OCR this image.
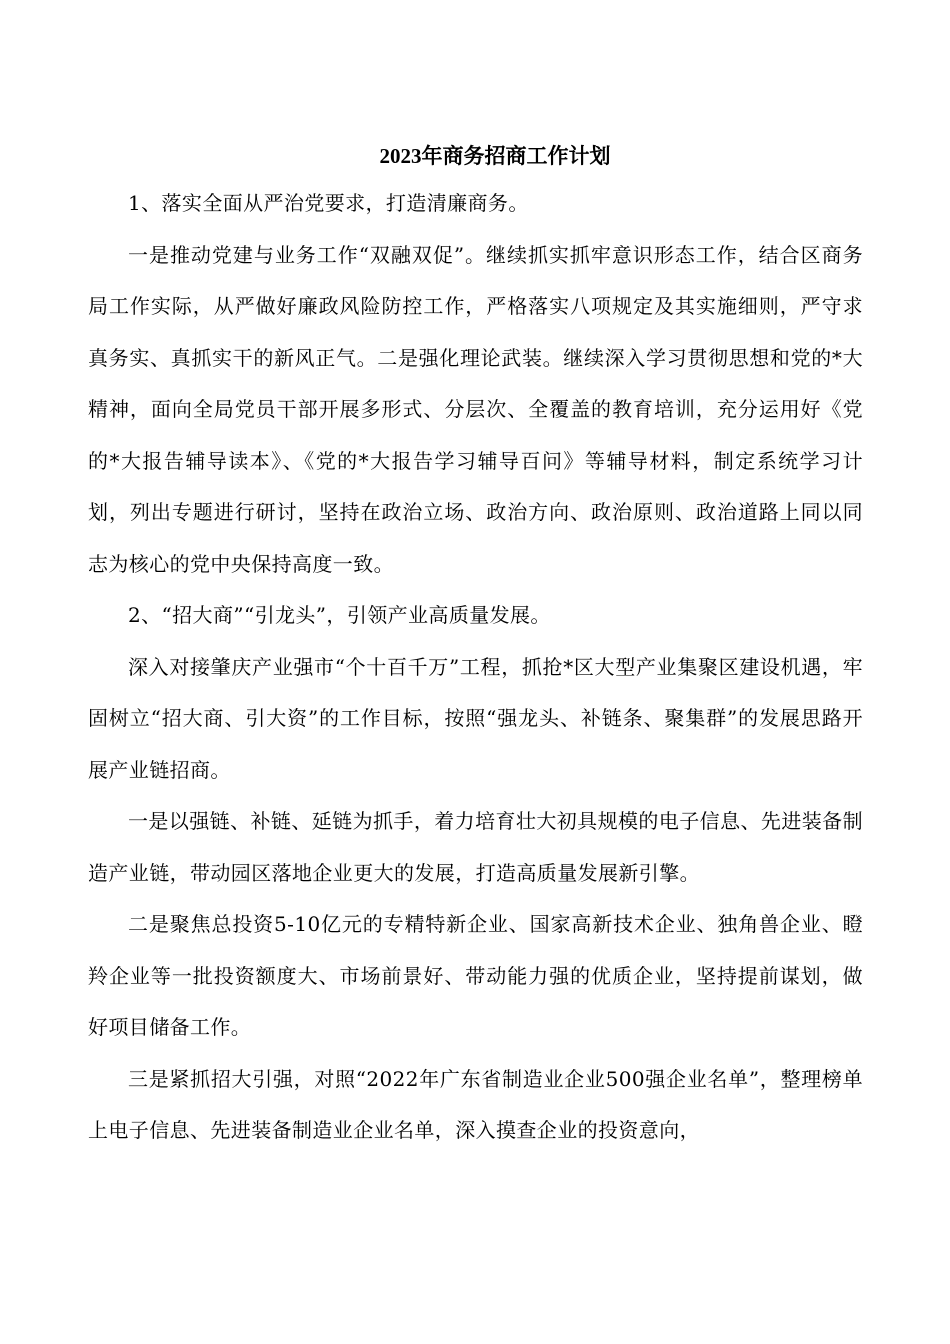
2023年商务招商工作计划

1、落实全面从严治党要求，打造清廉商务。

一是推动党建与业务工作“双融双促”。继续抓实抓牢意识形态工作，结合区商务局工作实际，从严做好廉政风险防控工作，严格落实八项规定及其实施细则，严守求真务实、真抓实干的新风正气。二是强化理论武装。继续深入学习贯彻思想和党的*大精神，面向全局党员干部开展多形式、分层次、全覆盖的教育培训，充分运用好《党的*大报告辅导读本》、《党的*大报告学习辅导百问》等辅导材料，制定系统学习计划，列出专题进行研讨，坚持在政治立场、政治方向、政治原则、政治道路上同以同志为核心的党中央保持高度一致。

2、“招大商”“引龙头”，引领产业高质量发展。

深入对接肇庆产业强市“个十百千万”工程，抓抢*区大型产业集聚区建设机遇，牢固树立“招大商、引大资”的工作目标，按照“强龙头、补链条、聚集群”的发展思路开展产业链招商。

一是以强链、补链、延链为抓手，着力培育壮大初具规模的电子信息、先进装备制造产业链，带动园区落地企业更大的发展，打造高质量发展新引擎。

二是聚焦总投资5-10亿元的专精特新企业、国家高新技术企业、独角兽企业、瞪羚企业等一批投资额度大、市场前景好、带动能力强的优质企业，坚持提前谋划，做好项目储备工作。

三是紧抓招大引强，对照“2022年广东省制造业企业500强企业名单”，整理榜单上电子信息、先进装备制造业企业名单，深入摸查企业的投资意向，
